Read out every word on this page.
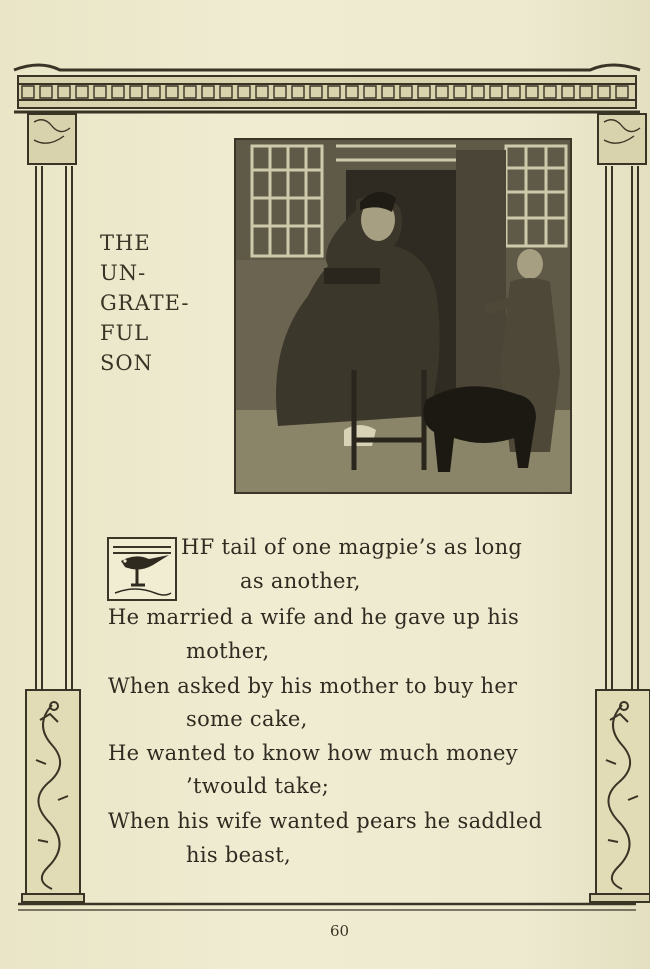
THE
UN-
GRATE-
FUL
SON
HF tail of one magpie’s as long
as another,
He married a wife and he gave up his
mother,
When asked by his mother to buy her
some cake,
He wanted to know how much money
’twould take;
When his wife wanted pears he saddled
his beast,
60
